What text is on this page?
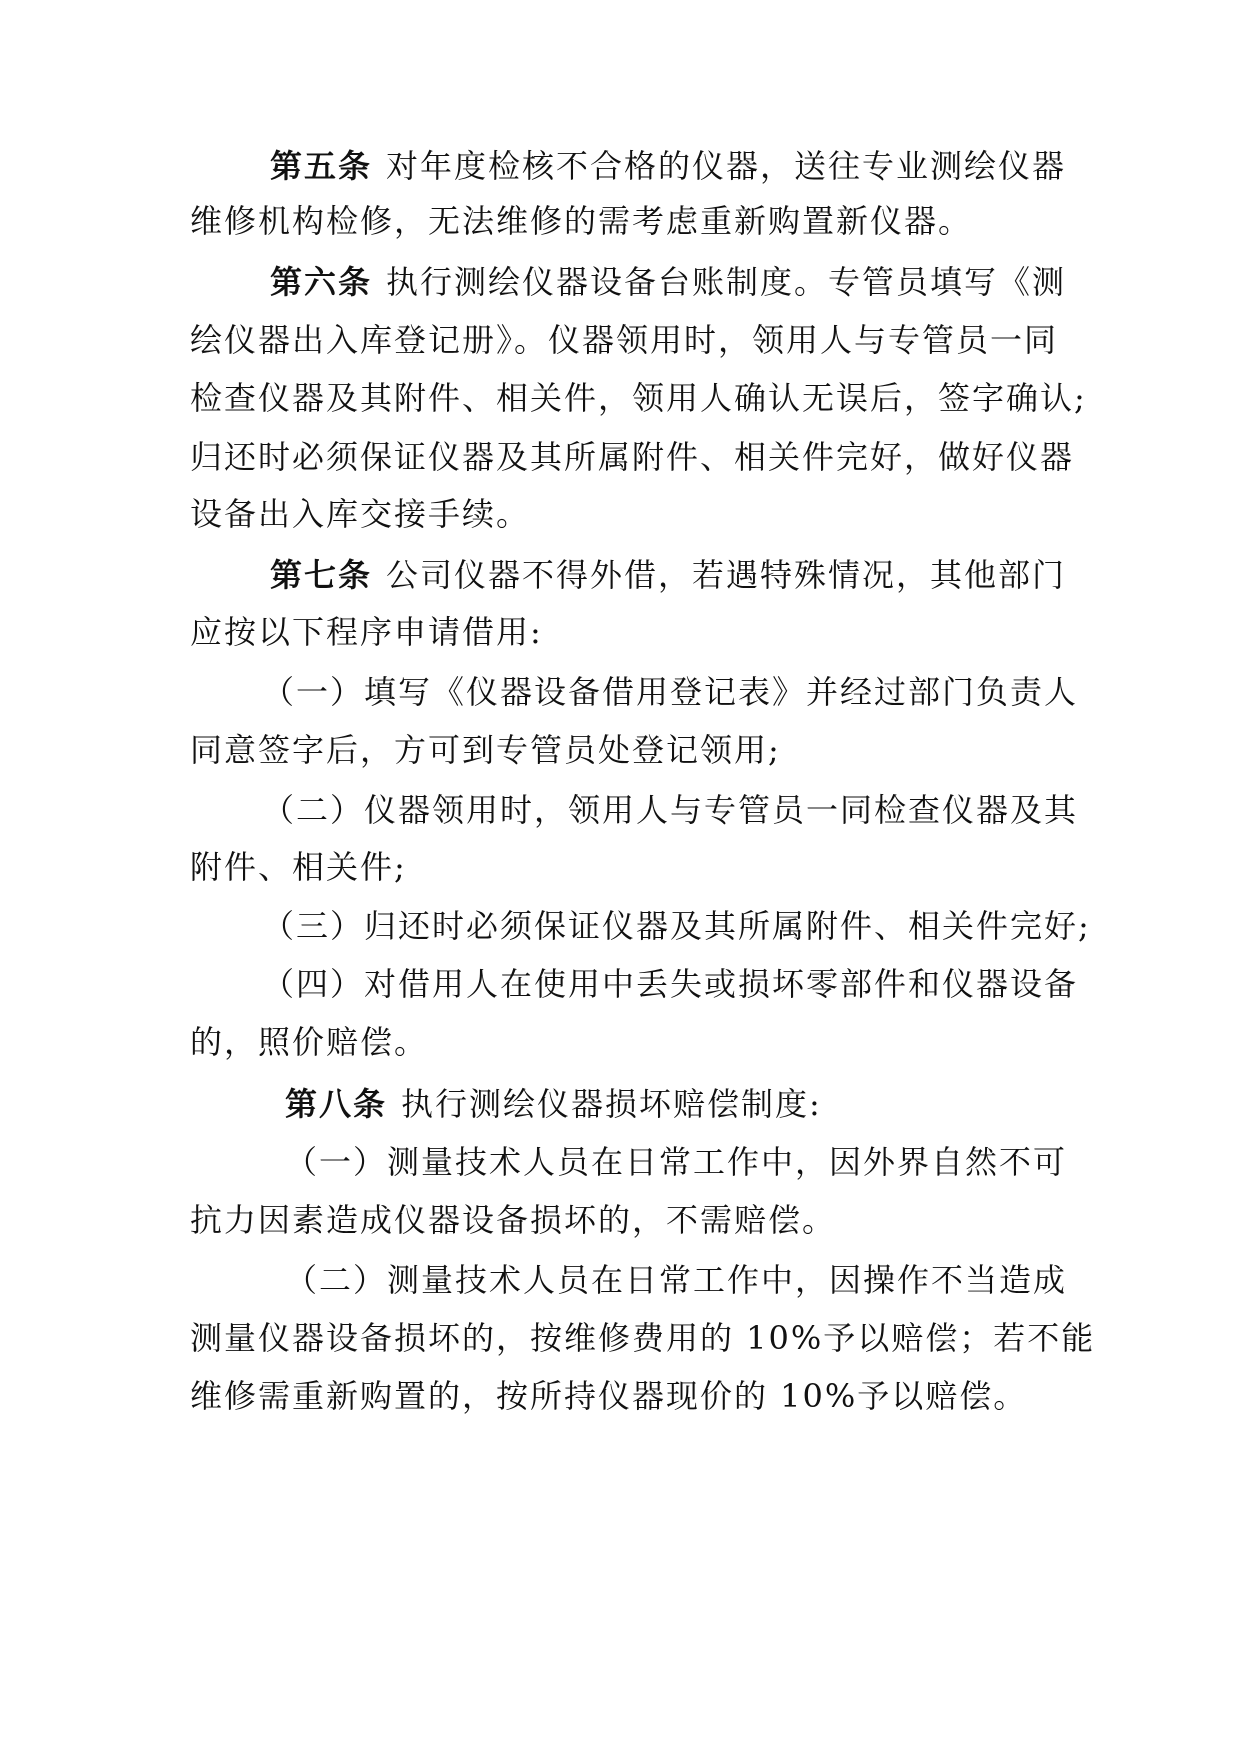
第五条 对年度检核不合格的仪器，送往专业测绘仪器
维修机构检修，无法维修的需考虑重新购置新仪器。
第六条 执行测绘仪器设备台账制度。专管员填写《测
绘仪器出入库登记册》。仪器领用时，领用人与专管员一同
检查仪器及其附件、相关件，领用人确认无误后，签字确认;
归还时必须保证仪器及其所属附件、相关件完好，做好仪器
设备出入库交接手续。
第七条 公司仪器不得外借，若遇特殊情况，其他部门
应按以下程序申请借用:
（一）填写《仪器设备借用登记表》并经过部门负责人
同意签字后，方可到专管员处登记领用;
（二）仪器领用时，领用人与专管员一同检查仪器及其
附件、相关件;
（三）归还时必须保证仪器及其所属附件、相关件完好;
（四）对借用人在使用中丢失或损坏零部件和仪器设备
的，照价赔偿。
第八条 执行测绘仪器损坏赔偿制度:
（一）测量技术人员在日常工作中，因外界自然不可
抗力因素造成仪器设备损坏的，不需赔偿。
（二）测量技术人员在日常工作中，因操作不当造成
测量仪器设备损坏的，按维修费用的 10%予以赔偿；若不能
维修需重新购置的，按所持仪器现价的 10%予以赔偿。
